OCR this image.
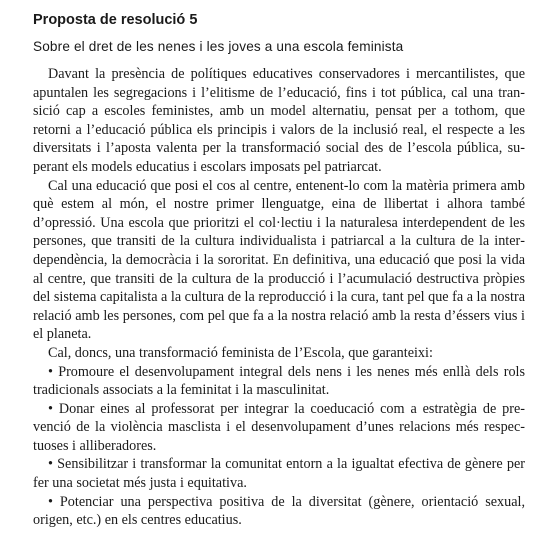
Proposta de resolució 5
Sobre el dret de les nenes i les joves a una escola feminista

Davant la presència de polítiques educatives conservadores i mercantilistes, que apuntalen les segregacions i l’elitisme de l’educació, fins i tot pública, cal una transició cap a escoles feministes, amb un model alternatiu, pensat per a tothom, que retorni a l’educació pública els principis i valors de la inclusió real, el respecte a les diversitats i l’aposta valenta per la transformació social des de l’escola pública, superant els models educatius i escolars imposats pel patriarcat.

Cal una educació que posi el cos al centre, entenent-lo com la matèria primera amb què estem al món, el nostre primer llenguatge, eina de llibertat i alhora també d’opressió. Una escola que prioritzi el col·lectiu i la naturalesa interdependent de les persones, que transiti de la cultura individualista i patriarcal a la cultura de la interdependència, la democràcia i la sororitat. En definitiva, una educació que posi la vida al centre, que transiti de la cultura de la producció i l’acumulació destructiva pròpies del sistema capitalista a la cultura de la reproducció i la cura, tant pel que fa a la nostra relació amb les persones, com pel que fa a la nostra relació amb la resta d’éssers vius i el planeta.

Cal, doncs, una transformació feminista de l’Escola, que garanteixi:

• Promoure el desenvolupament integral dels nens i les nenes més enllà dels rols tradicionals associats a la feminitat i la masculinitat.
• Donar eines al professorat per integrar la coeducació com a estratègia de prevenció de la violència masclista i el desenvolupament d’unes relacions més respectuoses i alliberadores.
• Sensibilitzar i transformar la comunitat entorn a la igualtat efectiva de gènere per fer una societat més justa i equitativa.
• Potenciar una perspectiva positiva de la diversitat (gènere, orientació sexual, origen, etc.) en els centres educatius.
